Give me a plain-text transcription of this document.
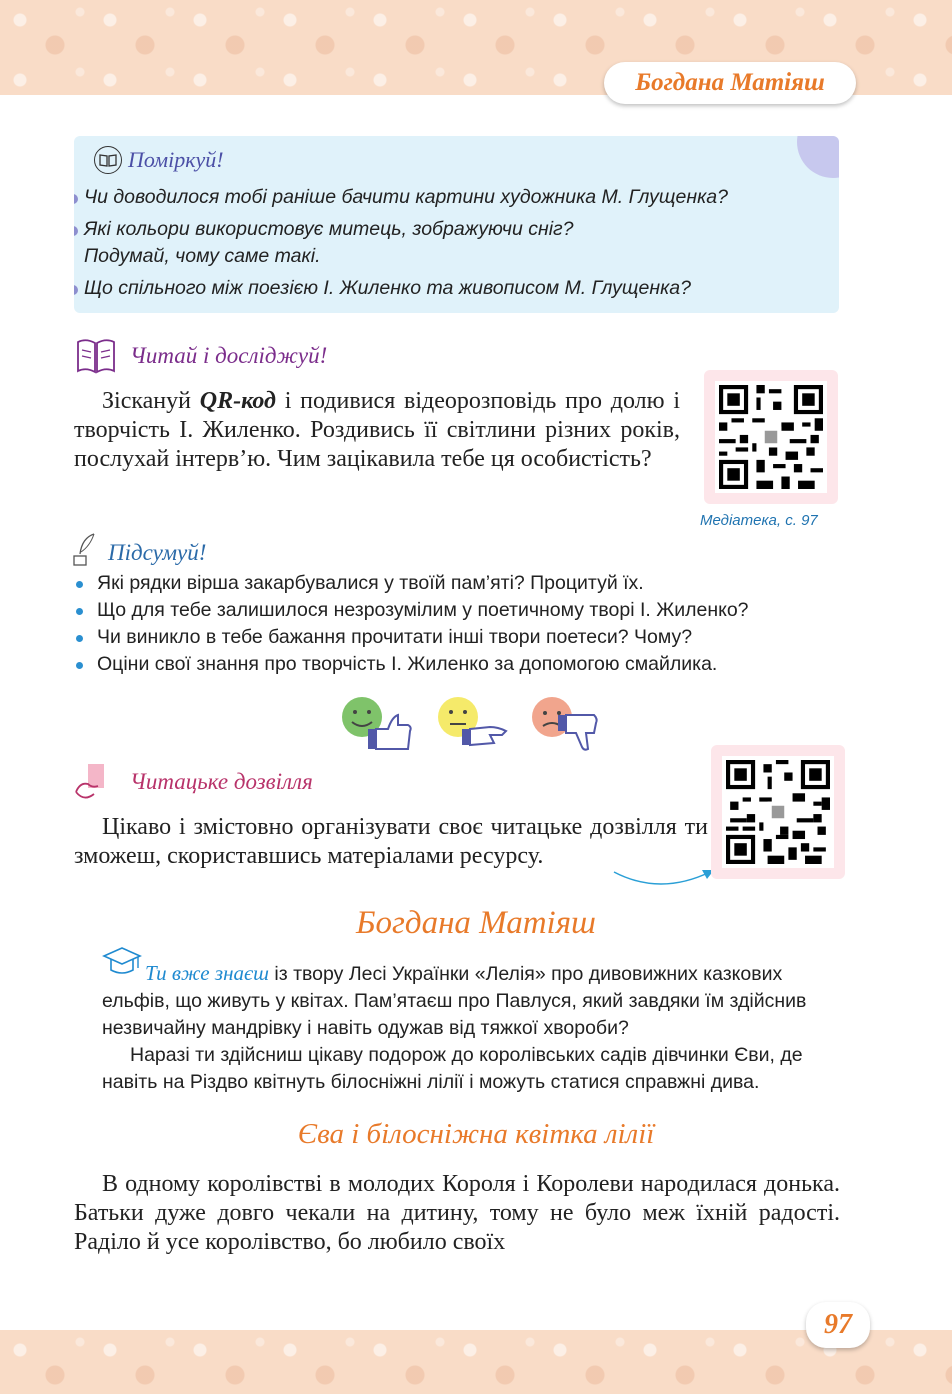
Богдана Матіяш
Поміркуй!
Чи доводилося тобі раніше бачити картини художника М. Глущенка?
Які кольори використовує митець, зображуючи сніг?
Подумай, чому саме такі.
Що спільного між поезією І. Жиленко та живописом М. Глущенка?
Читай і досліджуй!
Зіскануй QR-код і подивися відеорозповідь про долю і творчість І. Жиленко. Роздивись її світлини різних років, послухай інтерв’ю. Чим зацікавила тебе ця особистість?
Медіатека, с. 97
Підсумуй!
Які рядки вірша закарбувалися у твоїй пам’яті? Процитуй їх.
Що для тебе залишилося незрозумілим у поетичному творі І. Жиленко?
Чи виникло в тебе бажання прочитати інші твори поетеси? Чому?
Оціни свої знання про творчість І. Жиленко за допомогою смайлика.
Читацьке дозвілля
Цікаво і змістовно організувати своє читацьке дозвілля ти зможеш, скориставшись матеріалами ресурсу.
Богдана Матіяш
Ти вже знаєш із твору Лесі Українки «Лелія» про дивовижних казкових ельфів, що живуть у квітах. Пам’ятаєш про Павлуся, який завдяки їм здійснив незвичайну мандрівку і навіть одужав від тяжкої хвороби?
Наразі ти здійсниш цікаву подорож до королівських садів дівчинки Єви, де навіть на Різдво квітнуть білосніжні лілії і можуть статися справжні дива.
Єва і білосніжна квітка лілії
В одному королівстві в молодих Короля і Королеви народилася донька. Батьки дуже довго чекали на дитину, тому не було меж їхній радості. Раділо й усе королівство, бо любило своїх
97
